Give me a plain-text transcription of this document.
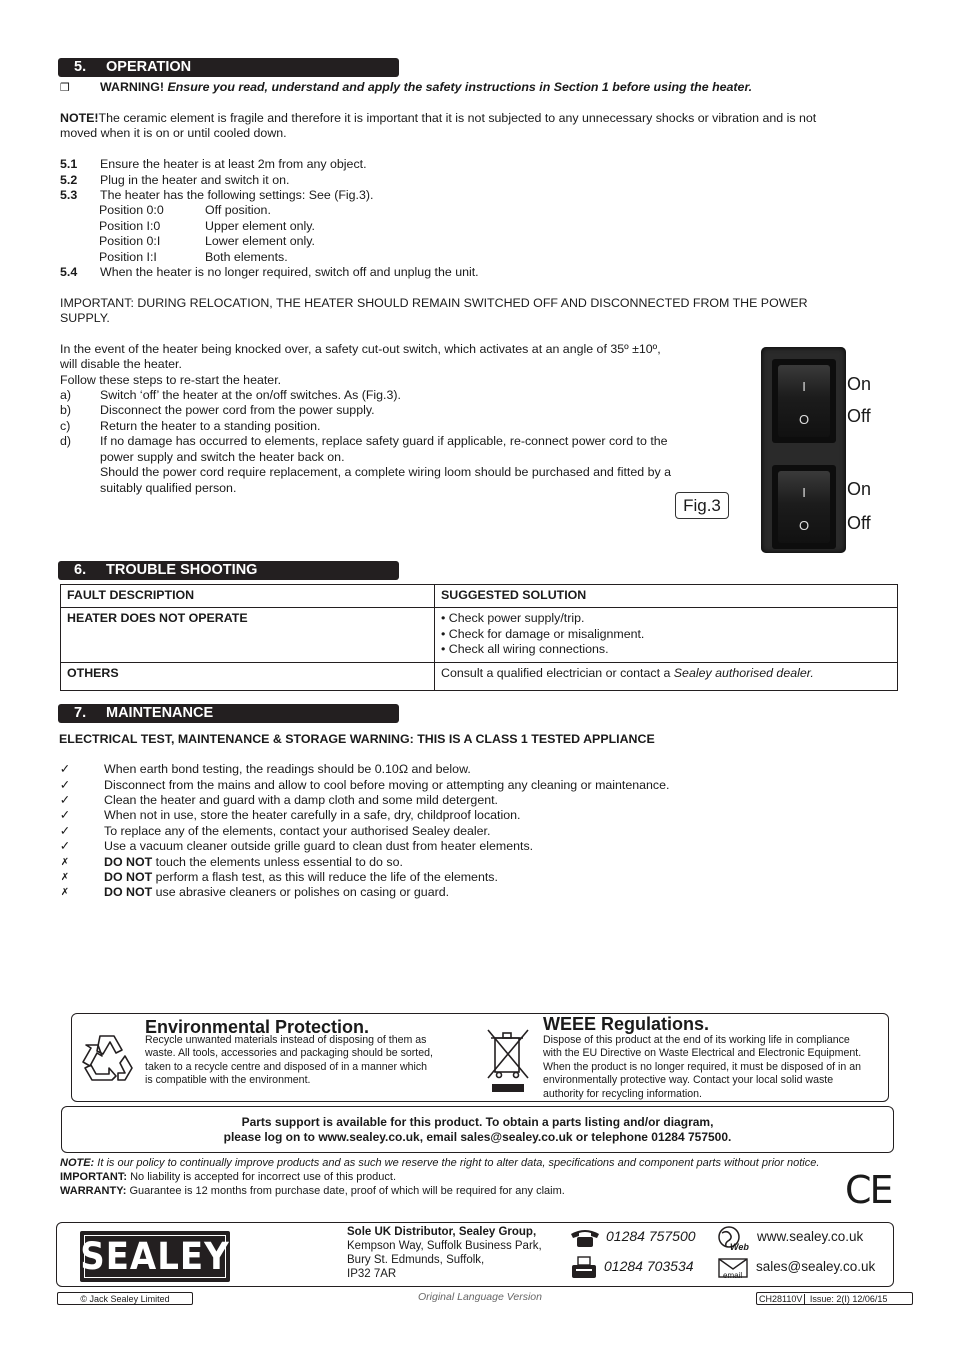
5. OPERATION
❒ WARNING! Ensure you read, understand and apply the safety instructions in Section 1 before using the heater.
NOTE!The ceramic element is fragile and therefore it is important that it is not subjected to any unnecessary shocks or vibration and is not
moved when it is on or until cooled down.
5.1 Ensure the heater is at least 2m from any object.
5.2 Plug in the heater and switch it on.
5.3 The heater has the following settings: See (Fig.3).
Position 0:0	Off position.
Position I:0	Upper element only.
Position 0:I	Lower element only.
Position I:I	Both elements.
5.4 When the heater is no longer required, switch off and unplug the unit.
IMPORTANT: DURING RELOCATION, THE HEATER SHOULD REMAIN SWITCHED OFF AND DISCONNECTED FROM THE POWER
SUPPLY.
In the event of the heater being knocked over, a safety cut-out switch, which activates at an angle of 35º ±10º,
will disable the heater.
Follow these steps to re-start the heater.
a) Switch ‘off’ the heater at the on/off switches. As (Fig.3).
b) Disconnect the power cord from the power supply.
c) Return the heater to a standing position.
d) If no damage has occurred to elements, replace safety guard if applicable, re-connect power cord to the
power supply and switch the heater back on.
Should the power cord require replacement, a complete wiring loom should be purchased and fitted by a
suitably qualified person.
Fig.3
I
O
I
O
On
Off
On
Off
6. TROUBLE SHOOTING
FAULT DESCRIPTION	SUGGESTED SOLUTION
HEATER DOES NOT OPERATE	• Check power supply/trip.
• Check for damage or misalignment.
• Check all wiring connections.

OTHERS	Consult a qualified electrician or contact a Sealey authorised dealer.
7. MAINTENANCE
ELECTRICAL TEST, MAINTENANCE & STORAGE WARNING: THIS IS A CLASS 1 TESTED APPLIANCE
✓	When earth bond testing, the readings should be 0.10Ω and below.
✓	Disconnect from the mains and allow to cool before moving or attempting any cleaning or maintenance.
✓	Clean the heater and guard with a damp cloth and some mild detergent.
✓	When not in use, store the heater carefully in a safe, dry, childproof location.
✓	To replace any of the elements, contact your authorised Sealey dealer.
✓	Use a vacuum cleaner outside grille guard to clean dust from heater elements.
✗	DO NOT touch the elements unless essential to do so.
✗	DO NOT perform a flash test, as this will reduce the life of the elements.
✗	DO NOT use abrasive cleaners or polishes on casing or guard.
Environmental Protection.
Recycle unwanted materials instead of disposing of them as
waste. All tools, accessories and packaging should be sorted,
taken to a recycle centre and disposed of in a manner which
is compatible with the environment.
WEEE Regulations.
Dispose of this product at the end of its working life in compliance
with the EU Directive on Waste Electrical and Electronic Equipment.
When the product is no longer required, it must be disposed of in an
environmentally protective way. Contact your local solid waste
authority for recycling information.
Parts support is available for this product. To obtain a parts listing and/or diagram,
please log on to www.sealey.co.uk, email sales@sealey.co.uk or telephone 01284 757500.
NOTE: It is our policy to continually improve products and as such we reserve the right to alter data, specifications and component parts without prior notice.
IMPORTANT: No liability is accepted for incorrect use of this product.
WARRANTY: Guarantee is 12 months from purchase date, proof of which will be required for any claim.	CE
SEALEY
Sole UK Distributor, Sealey Group,
Kempson Way, Suffolk Business Park,
Bury St. Edmunds, Suffolk,
IP32 7AR
01284 757500
01284 703534
Web
www.sealey.co.uk
email
sales@sealey.co.uk
© Jack Sealey Limited	Original Language Version	CH28110V Issue: 2(I) 12/06/15
